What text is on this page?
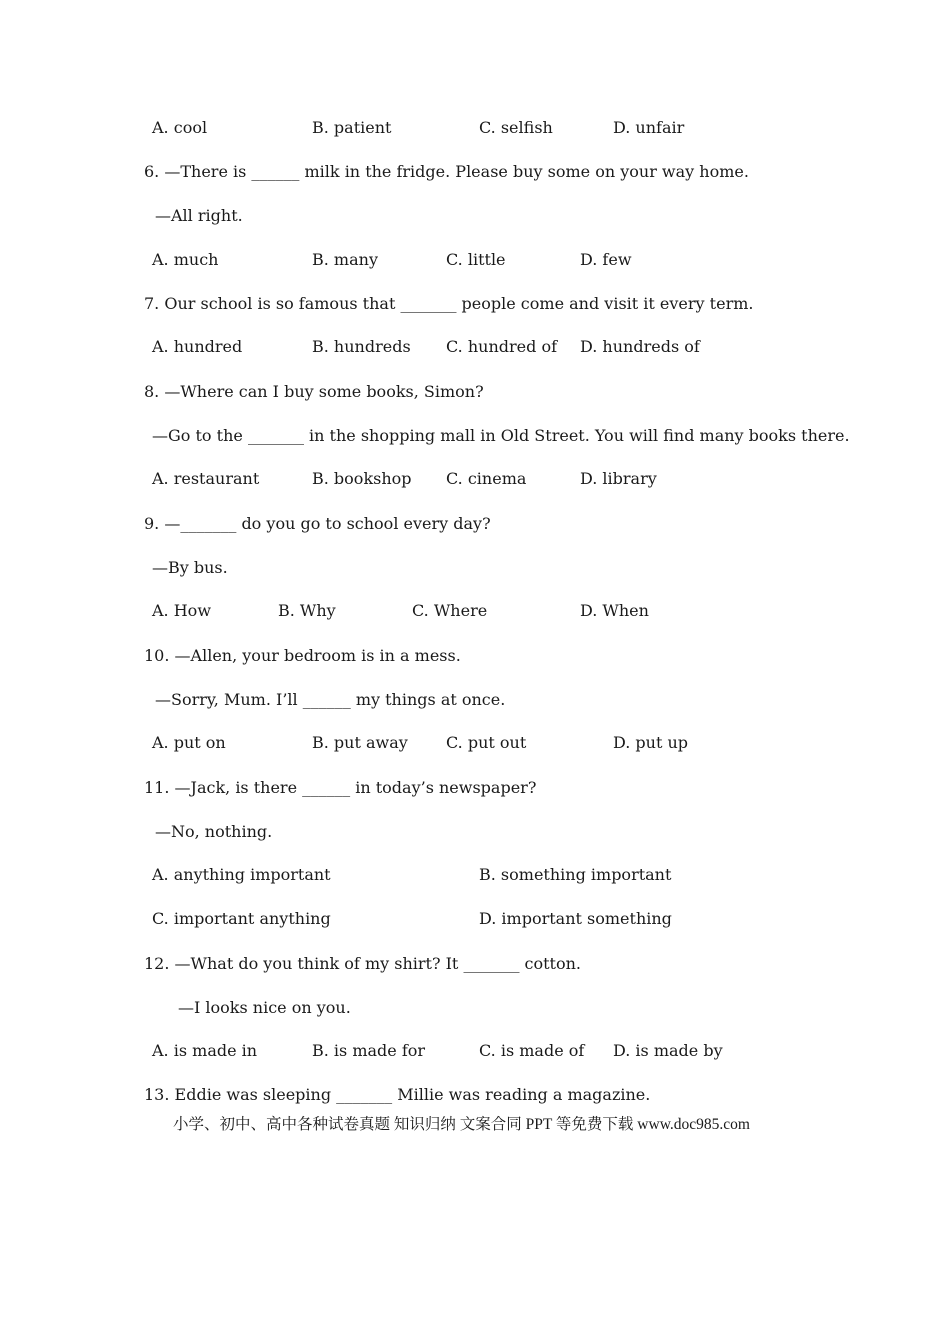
A. cool	B. patient	C. selfish	D. unfair
6. —There is ______ milk in the fridge. Please buy some on your way home.
—All right.
A. much	B. many	C. little	D. few
7. Our school is so famous that _______ people come and visit it every term.
A. hundred	B. hundreds C. hundred of D. hundreds of
8. —Where can I buy some books, Simon?
—Go to the _______ in the shopping mall in Old Street. You will find many books there.
A. restaurant	B. bookshop C. cinema	D. library
9. —_______ do you go to school every day?
—By bus.
A. How	B. Why	C. Where	D. When
10. —Allen, your bedroom is in a mess.
—Sorry, Mum. I’ll ______ my things at once.
A. put on	B. put away C. put out	D. put up
11. —Jack, is there ______ in today’s newspaper?
—No, nothing.
A. anything important	B. something important
C. important anything	D. important something
12. —What do you think of my shirt? It _______ cotton.
—I looks nice on you.
A. is made in	B. is made for	C. is made of D. is made by
13. Eddie was sleeping _______ Millie was reading a magazine.
小学、初中、高中各种试卷真题 知识归纳 文案合同 PPT 等免费下载 www.doc985.com
